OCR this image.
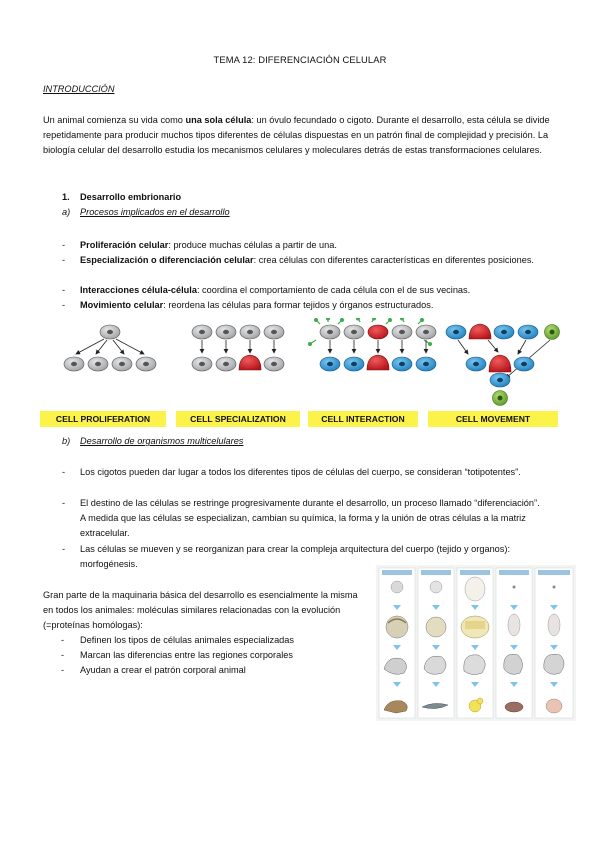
TEMA 12: DIFERENCIACIÓN CELULAR
INTRODUCCIÓN
Un animal comienza su vida como una sola célula: un óvulo fecundado o cigoto. Durante el desarrollo, esta célula se divide repetidamente para producir muchos tipos diferentes de células dispuestas en un patrón final de complejidad y precisión. La biología celular del desarrollo estudia los mecanismos celulares y moleculares detrás de estas transformaciones celulares.
1. Desarrollo embrionario
a) Procesos implicados en el desarrollo
- Proliferación celular: produce muchas células a partir de una.
- Especialización o diferenciación celular: crea células con diferentes características en diferentes posiciones.
- Interacciones célula-célula: coordina el comportamiento de cada célula con el de sus vecinas.
- Movimiento celular: reordena las células para formar tejidos y órganos estructurados.
CELL PROLIFERATION	CELL SPECIALIZATION	CELL INTERACTION	CELL MOVEMENT
b) Desarrollo de organismos multicelulares
- Los cigotos pueden dar lugar a todos los diferentes tipos de células del cuerpo, se consideran “totipotentes”.
- El destino de las células se restringe progresivamente durante el desarrollo, un proceso llamado “diferenciación”. A medida que las células se especializan, cambian su química, la forma y la unión de otras células a la matriz extracelular.
- Las células se mueven y se reorganizan para crear la compleja arquitectura del cuerpo (tejido y organos): morfogénesis.
Gran parte de la maquinaria básica del desarrollo es esencialmente la misma en todos los animales: moléculas similares relacionadas con la evolución (=proteínas homólogas):
- Definen los tipos de células animales especializadas
- Marcan las diferencias entre las regiones corporales
- Ayudan a crear el patrón corporal animal
